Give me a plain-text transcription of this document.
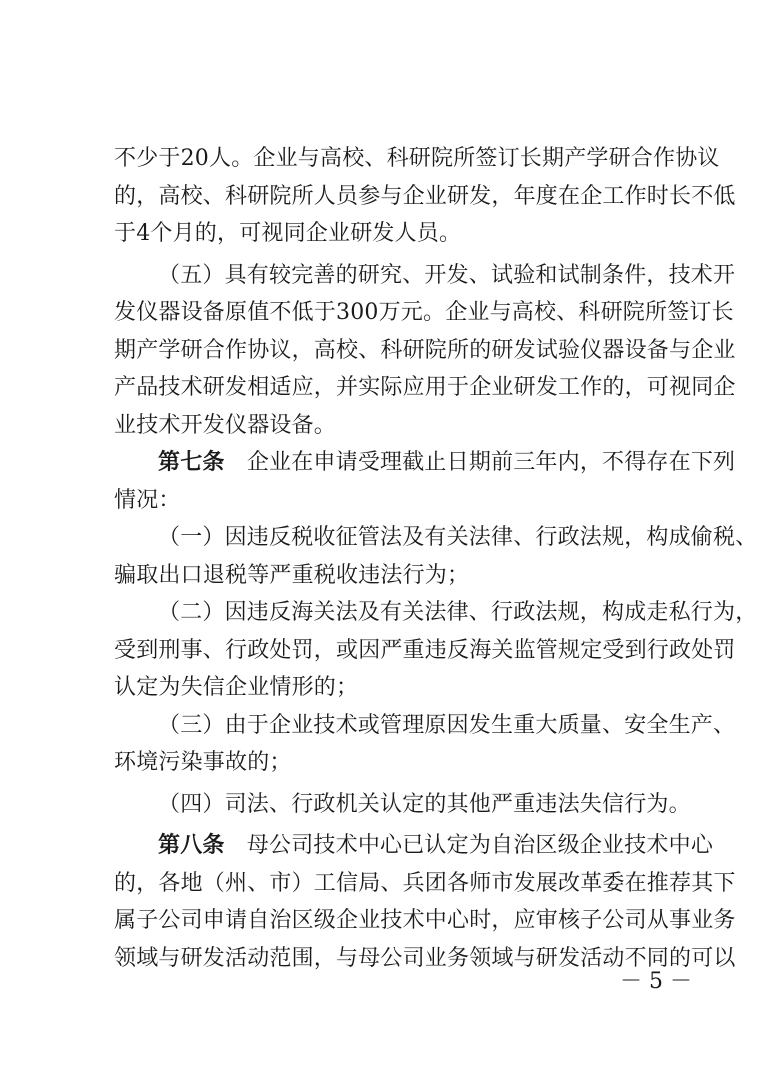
不少于20人。企业与高校、科研院所签订长期产学研合作协议
的，高校、科研院所人员参与企业研发，年度在企工作时长不低
于4个月的，可视同企业研发人员。
（五）具有较完善的研究、开发、试验和试制条件，技术开
发仪器设备原值不低于300万元。企业与高校、科研院所签订长
期产学研合作协议，高校、科研院所的研发试验仪器设备与企业
产品技术研发相适应，并实际应用于企业研发工作的，可视同企
业技术开发仪器设备。
第七条　 企业在申请受理截止日期前三年内，不得存在下列
情况：
（一）因违反税收征管法及有关法律、行政法规，构成偷税、
骗取出口退税等严重税收违法行为；
（二）因违反海关法及有关法律、行政法规，构成走私行为，
受到刑事、行政处罚，或因严重违反海关监管规定受到行政处罚
认定为失信企业情形的；
（三）由于企业技术或管理原因发生重大质量、安全生产、
环境污染事故的；
（四）司法、行政机关认定的其他严重违法失信行为。
第八条　 母公司技术中心已认定为自治区级企业技术中心
的，各地（州、市）工信局、兵团各师市发展改革委在推荐其下
属子公司申请自治区级企业技术中心时，应审核子公司从事业务
领域与研发活动范围，与母公司业务领域与研发活动不同的可以
－ 5 －
